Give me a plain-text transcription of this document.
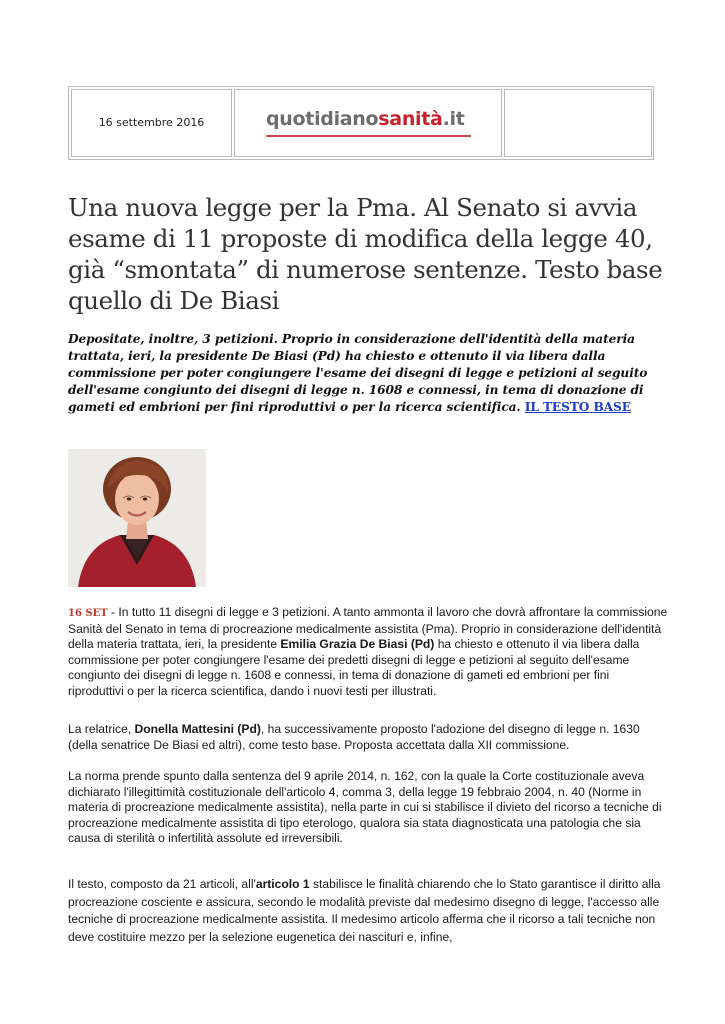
16 settembre 2016	quotidianosanità.it
Una nuova legge per la Pma. Al Senato si avvia esame di 11 proposte di modifica della legge 40, già “smontata” di numerose sentenze. Testo base quello di De Biasi
Depositate, inoltre, 3 petizioni. Proprio in considerazione dell'identità della materia trattata, ieri, la presidente De Biasi (Pd) ha chiesto e ottenuto il via libera dalla commissione per poter congiungere l'esame dei disegni di legge e petizioni al seguito dell'esame congiunto dei disegni di legge n. 1608 e connessi, in tema di donazione di gameti ed embrioni per fini riproduttivi o per la ricerca scientifica. IL TESTO BASE

16 SET - In tutto 11 disegni di legge e 3 petizioni. A tanto ammonta il lavoro che dovrà affrontare la commissione Sanità del Senato in tema di procreazione medicalmente assistita (Pma). Proprio in considerazione dell'identità della materia trattata, ieri, la presidente Emilia Grazia De Biasi (Pd) ha chiesto e ottenuto il via libera dalla commissione per poter congiungere l'esame dei predetti disegni di legge e petizioni al seguito dell'esame congiunto dei disegni di legge n. 1608 e connessi, in tema di donazione di gameti ed embrioni per fini riproduttivi o per la ricerca scientifica, dando i nuovi testi per illustrati.

La relatrice, Donella Mattesini (Pd), ha successivamente proposto l'adozione del disegno di legge n. 1630 (della senatrice De Biasi ed altri), come testo base. Proposta accettata dalla XII commissione.

La norma prende spunto dalla sentenza del 9 aprile 2014, n. 162, con la quale la Corte costituzionale aveva dichiarato l'illegittimità costituzionale dell'articolo 4, comma 3, della legge 19 febbraio 2004, n. 40 (Norme in materia di procreazione medicalmente assistita), nella parte in cui si stabilisce il divieto del ricorso a tecniche di procreazione medicalmente assistita di tipo eterologo, qualora sia stata diagnosticata una patologia che sia causa di sterilità o infertilità assolute ed irreversibili.

Il testo, composto da 21 articoli, all'articolo 1 stabilisce le finalità chiarendo che lo Stato garantisce il diritto alla procreazione cosciente e assicura, secondo le modalità previste dal medesimo disegno di legge, l'accesso alle tecniche di procreazione medicalmente assistita. Il medesimo articolo afferma che il ricorso a tali tecniche non deve costituire mezzo per la selezione eugenetica dei nascituri e, infine,
